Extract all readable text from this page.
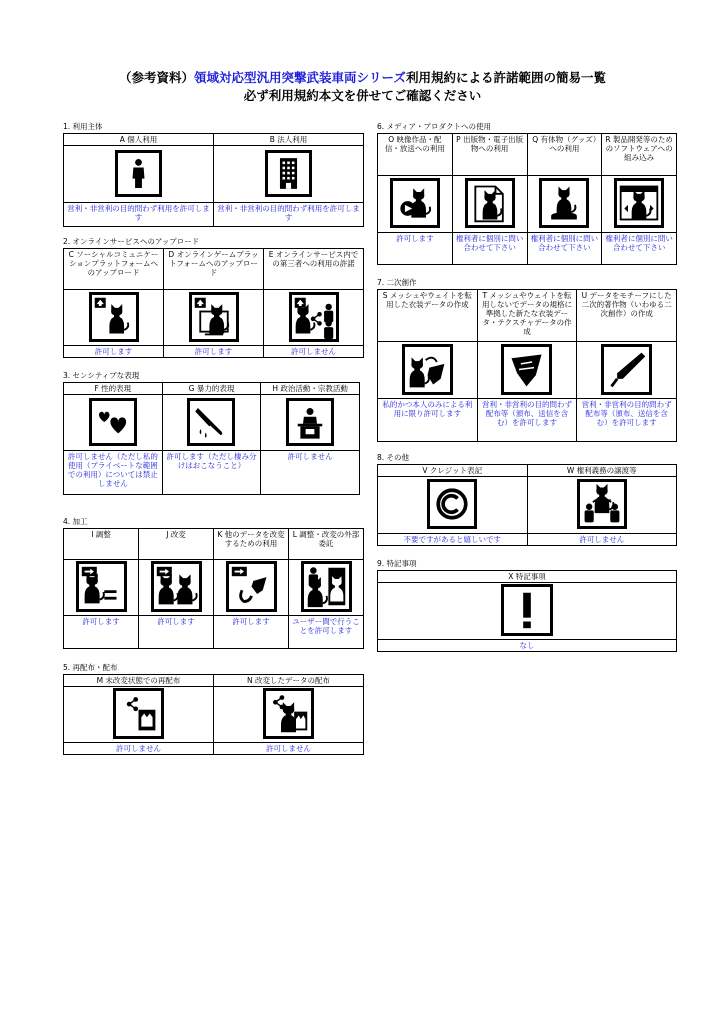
（参考資料）領域対応型汎用突撃武装車両シリーズ利用規約による許諾範囲の簡易一覧
必ず利用規約本文を併せてご確認ください
1. 利用主体
A 個人利用	B 法人利用

営利・非営利の目的問わず利用を許可します	営利・非営利の目的問わず利用を許可します
2. オンラインサービスへのアップロード
C ソーシャルコミュニケーションプラットフォームへのアップロード	D オンラインゲームプラットフォームへのアップロード	E オンラインサービス内での第三者への利用の許諾

許可します	許可します	許可しません
3. センシティブな表現
F 性的表現	G 暴力的表現	H 政治活動・宗教活動

許可しません（ただし私的使用（プライベートな範囲での利用）については禁止しません	許可します（ただし棲み分けはおこなうこと）	許可しません
4. 加工
I 調整	J 改変	K 他のデータを改変するための利用	L 調整・改変の外部委託

許可します	許可します	許可します	ユーザー間で行うことを許可します
5. 再配布・配布
M 未改変状態での再配布	N 改変したデータの配布

許可しません	許可しません
6. メディア・プロダクトへの使用
O 映像作品・配信・放送への利用	P 出版物・電子出版物への利用	Q 有体物（グッズ）への利用	R 製品開発等のためのソフトウェアへの組み込み

許可します	権利者に個別に問い合わせて下さい	権利者に個別に問い合わせて下さい	権利者に個別に問い合わせて下さい
7. 二次創作
S メッシュやウェイトを転用した衣装データの作成	T メッシュやウェイトを転用しないでデータの規格に準拠した新たな衣装データ・テクスチャデータの作成	U データをモチーフにした二次的著作物（いわゆる二次創作）の作成

私的かつ本人のみによる利用に限り許可します	営利・非営利の目的問わず配布等（頒布、送信を含む）を許可します	営利・非営利の目的問わず配布等（頒布、送信を含む）を許可します
8. その他
V クレジット表記	W 権利義務の譲渡等

不要ですがあると嬉しいです	許可しません
9. 特記事項
X 特記事項

なし
